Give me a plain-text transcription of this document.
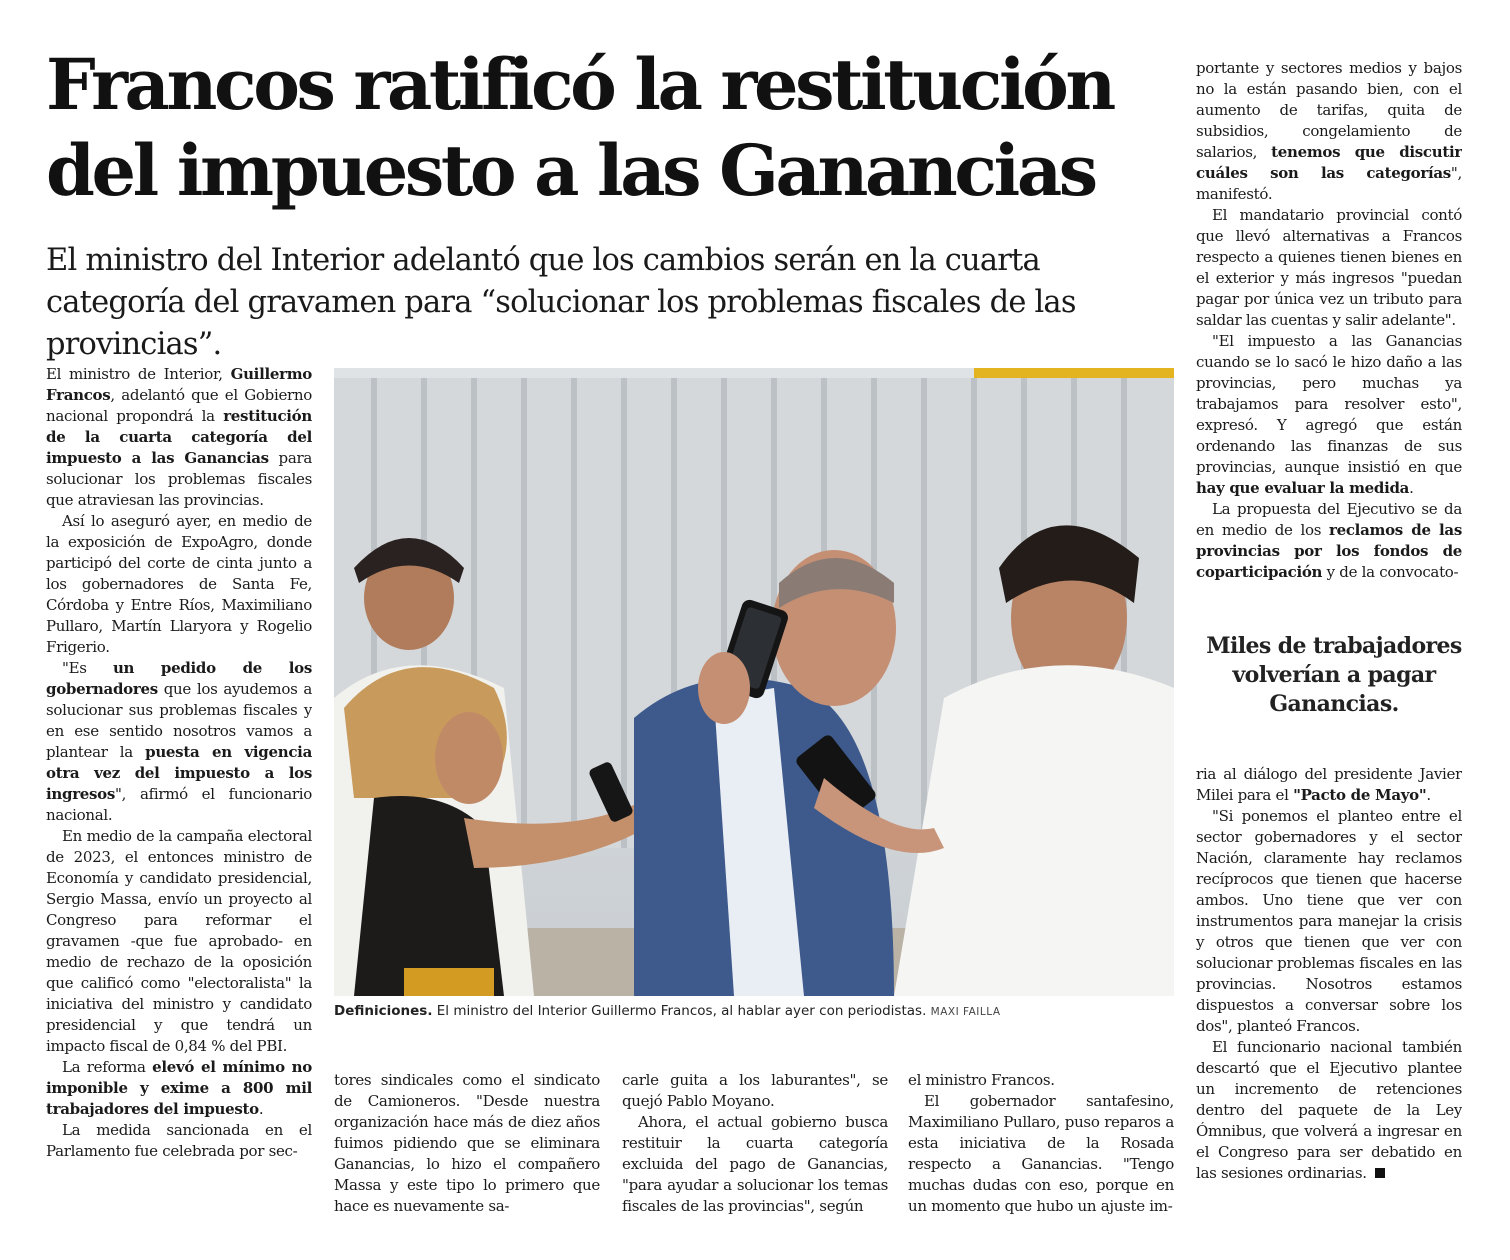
Francos ratificó la restitución del impuesto a las Ganancias
El ministro del Interior adelantó que los cambios serán en la cuarta categoría del gravamen para “solucionar los problemas fiscales de las provincias”.

El ministro de Interior, Guillermo Francos, adelantó que el Gobierno nacional propondrá la restitución de la cuarta categoría del impuesto a las Ganancias para solucionar los problemas fiscales que atraviesan las provincias.

Así lo aseguró ayer, en medio de la exposición de ExpoAgro, donde participó del corte de cinta junto a los gobernadores de Santa Fe, Córdoba y Entre Ríos, Maximiliano Pullaro, Martín Llaryora y Rogelio Frigerio.

"Es un pedido de los gobernadores que los ayudemos a solucionar sus problemas fiscales y en ese sentido nosotros vamos a plantear la puesta en vigencia otra vez del impuesto a los ingresos", afirmó el funcionario nacional.

En medio de la campaña electoral de 2023, el entonces ministro de Economía y candidato presidencial, Sergio Massa, envío un proyecto al Congreso para reformar el gravamen -que fue aprobado- en medio de rechazo de la oposición que calificó como "electoralista" la iniciativa del ministro y candidato presidencial y que tendrá un impacto fiscal de 0,84 % del PBI.

La reforma elevó el mínimo no imponible y exime a 800 mil trabajadores del impuesto.

La medida sancionada en el Parlamento fue celebrada por sec-

Definiciones. El ministro del Interior Guillermo Francos, al hablar ayer con periodistas. MAXI FAILLA

tores sindicales como el sindicato de Camioneros. "Desde nuestra organización hace más de diez años fuimos pidiendo que se eliminara Ganancias, lo hizo el compañero Massa y este tipo lo primero que hace es nuevamente sa-

carle guita a los laburantes", se quejó Pablo Moyano.

Ahora, el actual gobierno busca restituir la cuarta categoría excluida del pago de Ganancias, "para ayudar a solucionar los temas fiscales de las provincias", según

el ministro Francos.

El gobernador santafesino, Maximiliano Pullaro, puso reparos a esta iniciativa de la Rosada respecto a Ganancias. "Tengo muchas dudas con eso, porque en un momento que hubo un ajuste im-

portante y sectores medios y bajos no la están pasando bien, con el aumento de tarifas, quita de subsidios, congelamiento de salarios, tenemos que discutir cuáles son las categorías", manifestó.

El mandatario provincial contó que llevó alternativas a Francos respecto a quienes tienen bienes en el exterior y más ingresos "puedan pagar por única vez un tributo para saldar las cuentas y salir adelante".

"El impuesto a las Ganancias cuando se lo sacó le hizo daño a las provincias, pero muchas ya trabajamos para resolver esto", expresó. Y agregó que están ordenando las finanzas de sus provincias, aunque insistió en que hay que evaluar la medida.

La propuesta del Ejecutivo se da en medio de los reclamos de las provincias por los fondos de coparticipación y de la convocato-

Miles de trabajadores volverían a pagar Ganancias.

ria al diálogo del presidente Javier Milei para el "Pacto de Mayo".

"Si ponemos el planteo entre el sector gobernadores y el sector Nación, claramente hay reclamos recíprocos que tienen que hacerse ambos. Uno tiene que ver con instrumentos para manejar la crisis y otros que tienen que ver con solucionar problemas fiscales en las provincias. Nosotros estamos dispuestos a conversar sobre los dos", planteó Francos.

El funcionario nacional también descartó que el Ejecutivo plantee un incremento de retenciones dentro del paquete de la Ley Ómnibus, que volverá a ingresar en el Congreso para ser debatido en las sesiones ordinarias.
